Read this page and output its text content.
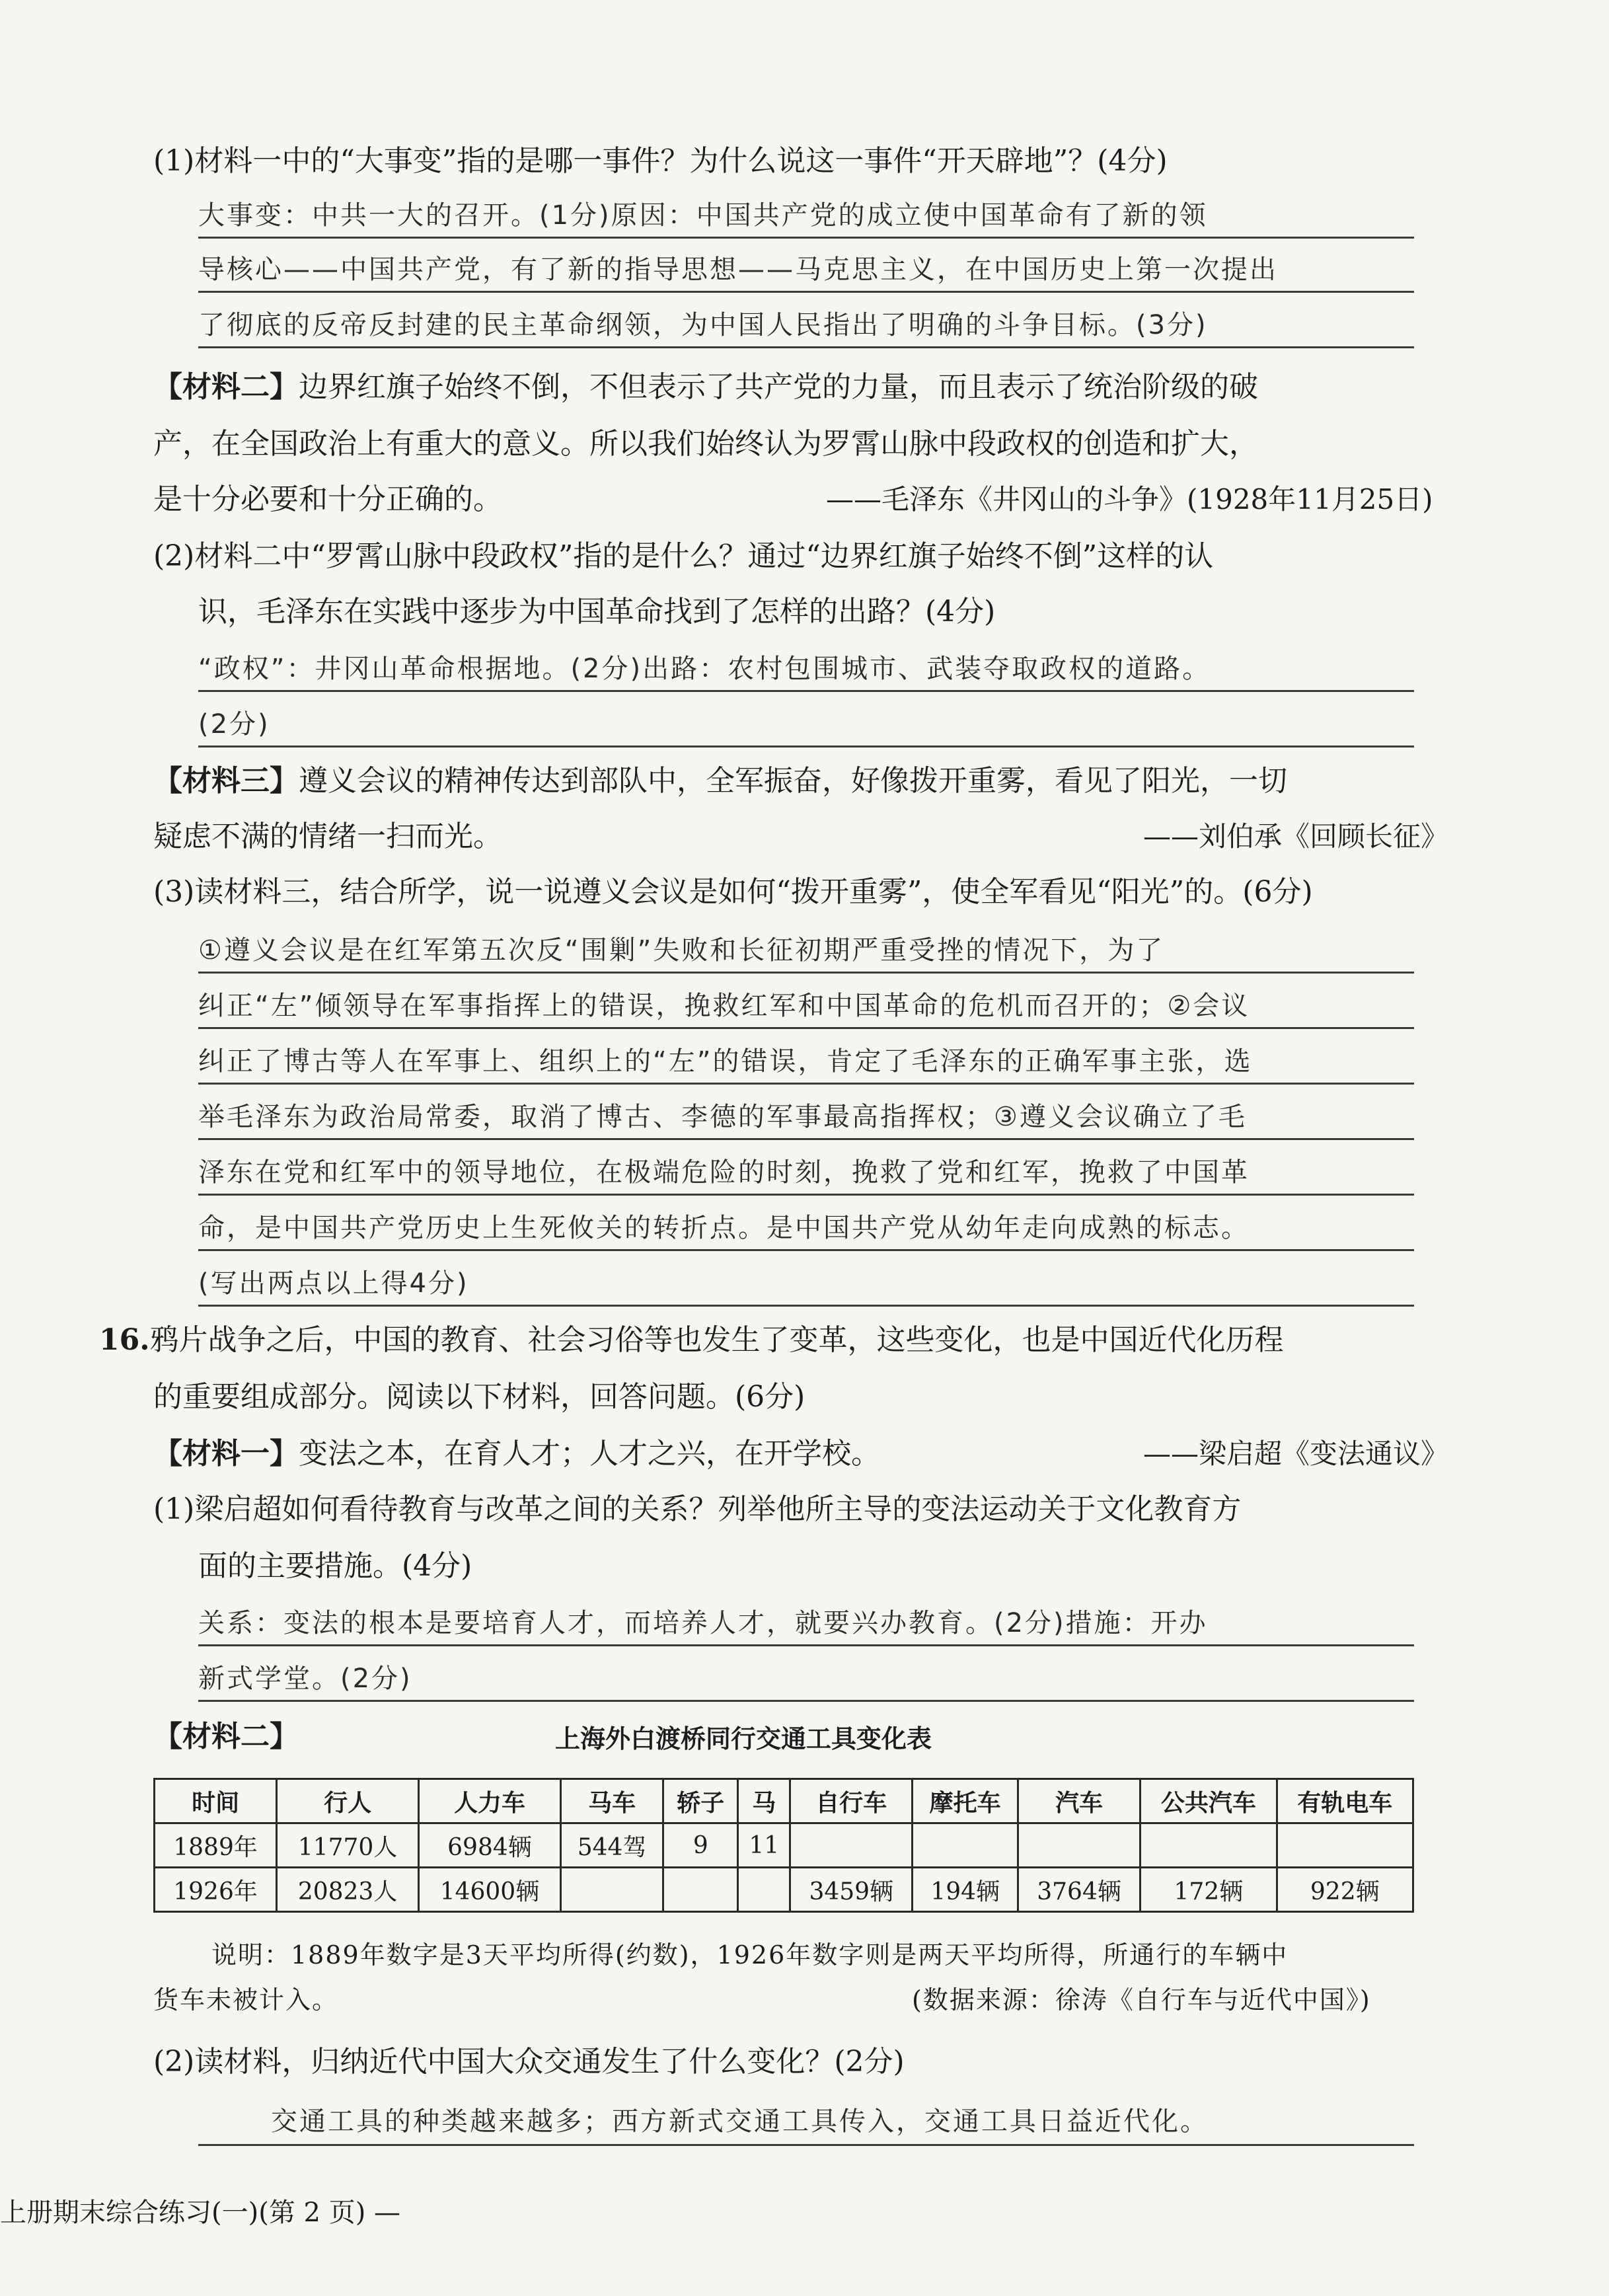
(1)材料一中的“大事变”指的是哪一事件？为什么说这一事件“开天辟地”？(4分)
大事变：中共一大的召开。(1分)原因：中国共产党的成立使中国革命有了新的领
导核心——中国共产党，有了新的指导思想——马克思主义，在中国历史上第一次提出
了彻底的反帝反封建的民主革命纲领，为中国人民指出了明确的斗争目标。(3分)
【材料二】边界红旗子始终不倒，不但表示了共产党的力量，而且表示了统治阶级的破
产，在全国政治上有重大的意义。所以我们始终认为罗霄山脉中段政权的创造和扩大，
是十分必要和十分正确的。	——毛泽东《井冈山的斗争》(1928年11月25日)
(2)材料二中“罗霄山脉中段政权”指的是什么？通过“边界红旗子始终不倒”这样的认
识，毛泽东在实践中逐步为中国革命找到了怎样的出路？(4分)
“政权”：井冈山革命根据地。(2分)出路：农村包围城市、武装夺取政权的道路。
(2分)
【材料三】遵义会议的精神传达到部队中，全军振奋，好像拨开重雾，看见了阳光，一切
疑虑不满的情绪一扫而光。	——刘伯承《回顾长征》
(3)读材料三，结合所学，说一说遵义会议是如何“拨开重雾”，使全军看见“阳光”的。(6分)
①遵义会议是在红军第五次反“围剿”失败和长征初期严重受挫的情况下，为了
纠正“左”倾领导在军事指挥上的错误，挽救红军和中国革命的危机而召开的；②会议
纠正了博古等人在军事上、组织上的“左”的错误，肯定了毛泽东的正确军事主张，选
举毛泽东为政治局常委，取消了博古、李德的军事最高指挥权；③遵义会议确立了毛
泽东在党和红军中的领导地位，在极端危险的时刻，挽救了党和红军，挽救了中国革
命，是中国共产党历史上生死攸关的转折点。是中国共产党从幼年走向成熟的标志。
(写出两点以上得4分)
16.鸦片战争之后，中国的教育、社会习俗等也发生了变革，这些变化，也是中国近代化历程
的重要组成部分。阅读以下材料，回答问题。(6分)
【材料一】变法之本，在育人才；人才之兴，在开学校。	——梁启超《变法通议》
(1)梁启超如何看待教育与改革之间的关系？列举他所主导的变法运动关于文化教育方
面的主要措施。(4分)
关系：变法的根本是要培育人才，而培养人才，就要兴办教育。(2分)措施：开办
新式学堂。(2分)
【材料二】	上海外白渡桥同行交通工具变化表
时间	行人	人力车	马车	轿子	马	自行车	摩托车	汽车	公共汽车	有轨电车
1889年	11770人	6984辆	544驾	9	11					
1926年	20823人	14600辆				3459辆	194辆	3764辆	172辆	922辆
说明：1889年数字是3天平均所得(约数)，1926年数字则是两天平均所得，所通行的车辆中
货车未被计入。	(数据来源：徐涛《自行车与近代中国》)
(2)读材料，归纳近代中国大众交通发生了什么变化？(2分)
交通工具的种类越来越多；西方新式交通工具传入，交通工具日益近代化。
上册期末综合练习(一)(第 2 页) —
